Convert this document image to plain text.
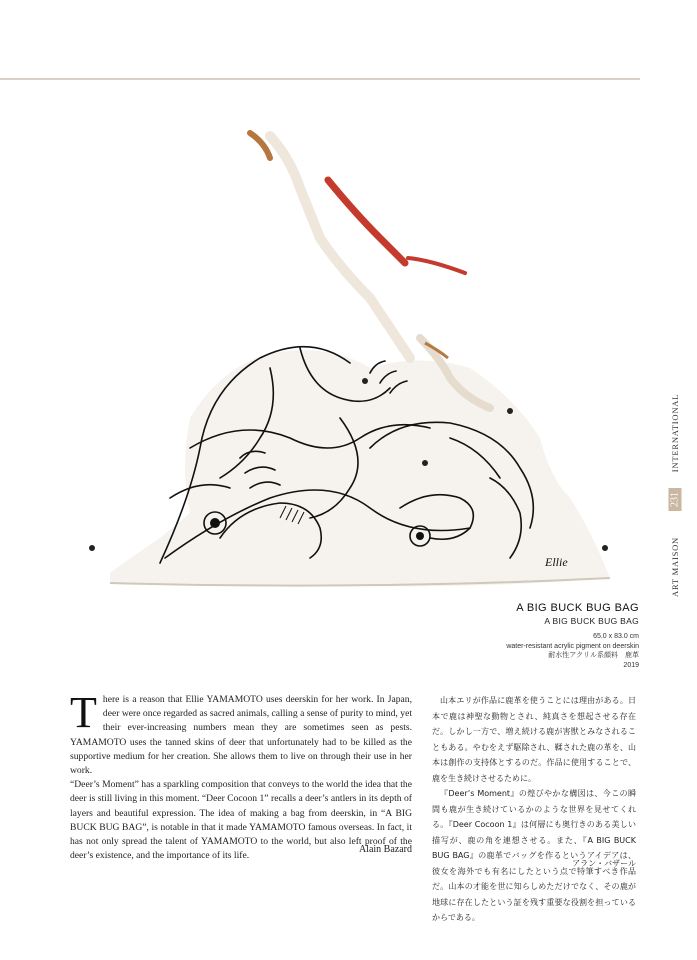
INTERNATIONAL
231
ART MAISON
Ellie
A BIG BUCK BUG BAG
A BIG BUCK BUG BAG
65.0 x 83.0 cm
water-resistant acrylic pigment on deerskin
耐水性アクリル系顔料　鹿革
2019
T here is a reason that Ellie YAMAMOTO uses deerskin for her work. In Japan, deer were once regarded as sacred animals, calling a sense of purity to mind, yet their ever-increasing numbers mean they are sometimes seen as pests. YAMAMOTO uses the tanned skins of deer that unfortunately had to be killed as the supportive medium for her creation. She allows them to live on through their use in her work.

“Deer’s Moment” has a sparkling composition that conveys to the world the idea that the deer is still living in this moment. “Deer Cocoon 1” recalls a deer’s antlers in its depth of layers and beautiful expression. The idea of making a bag from deerskin, in “A BIG BUCK BUG BAG”, is notable in that it made YAMAMOTO famous overseas. In fact, it has not only spread the talent of YAMAMOTO to the world, but also left proof of the deer’s existence, and the importance of its life.

Alain Bazard

山本エリが作品に鹿革を使うことには理由がある。日本で鹿は神聖な動物とされ、純真さを想起させる存在だ。しかし一方で、増え続ける鹿が害獣とみなされることもある。やむをえず駆除され、鞣された鹿の革を、山本は創作の支持体とするのだ。作品に使用することで、鹿を生き続けさせるために。

『Deer’s Moment』の煌びやかな構図は、今この瞬間も鹿が生き続けているかのような世界を見せてくれる。『Deer Cocoon 1』は何層にも奥行きのある美しい描写が、鹿の角を連想させる。また、『A BIG BUCK BUG BAG』の鹿革でバッグを作るというアイデアは、彼女を海外でも有名にしたという点で特筆すべき作品だ。山本の才能を世に知らしめただけでなく、その鹿が地球に存在したという証を残す重要な役割を担っているからである。

アラン・バザール
